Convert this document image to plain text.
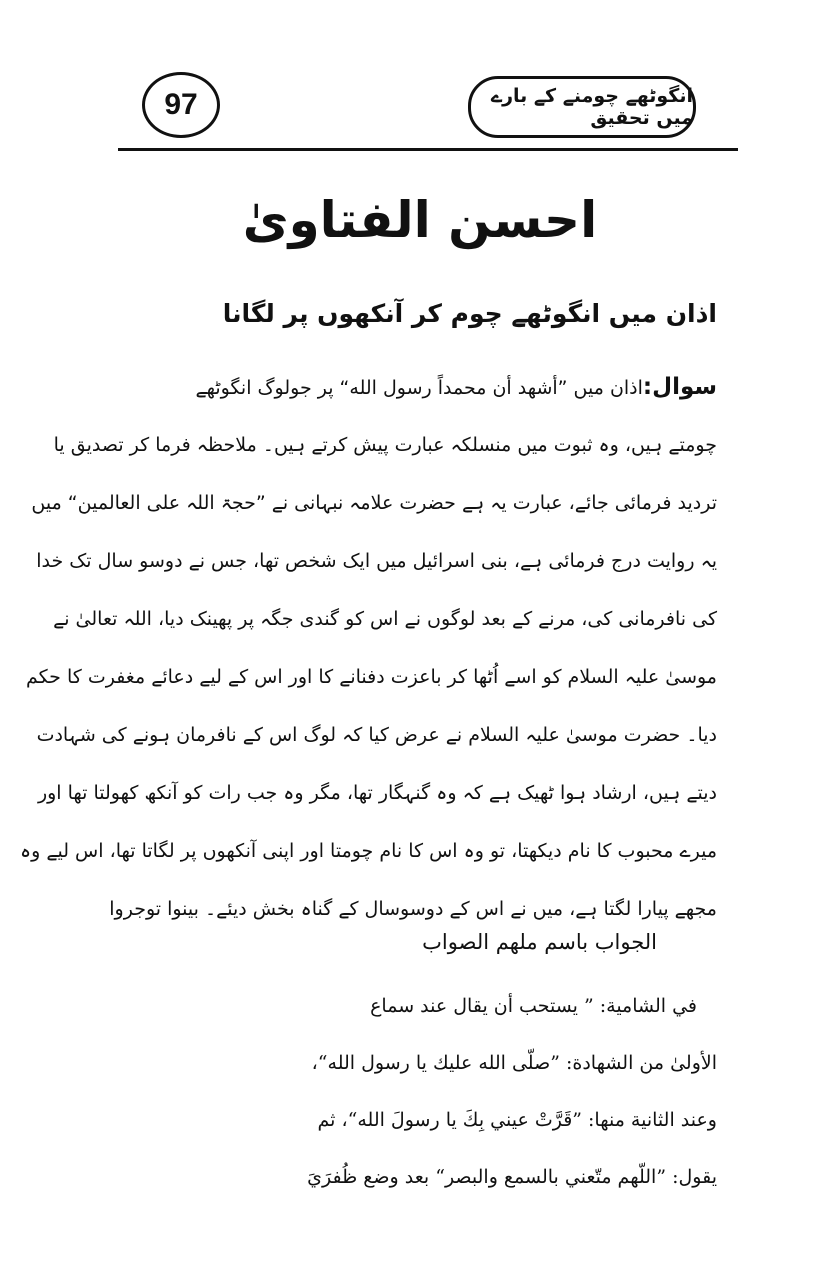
97	انگوٹھے چومنے کے بارے میں تحقیق
احسن الفتاویٰ
اذان میں انگوٹھے چوم کر آنکھوں پر لگانا
سوال:اذان میں ”أشهد أن محمداً رسول الله“ پر جولوگ انگوٹھے
چومتے ہیں، وہ ثبوت میں منسلکہ عبارت پیش کرتے ہیں۔ ملاحظہ فرما کر تصدیق یا
تردید فرمائی جائے، عبارت یہ ہے حضرت علامہ نبہانی نے ”حجۃ اللہ علی العالمین“ میں
یہ روایت درج فرمائی ہے، بنی اسرائیل میں ایک شخص تھا، جس نے دوسو سال تک خدا
کی نافرمانی کی، مرنے کے بعد لوگوں نے اس کو گندی جگہ پر پھینک دیا، اللہ تعالیٰ نے
موسیٰ علیہ السلام کو اسے اُٹھا کر باعزت دفنانے کا اور اس کے لیے دعائے مغفرت کا حکم
دیا۔ حضرت موسیٰ علیہ السلام نے عرض کیا کہ لوگ اس کے نافرمان ہونے کی شہادت
دیتے ہیں، ارشاد ہوا ٹھیک ہے کہ وہ گنہگار تھا، مگر وہ جب رات کو آنکھ کھولتا تھا اور
میرے محبوب کا نام دیکھتا، تو وہ اس کا نام چومتا اور اپنی آنکھوں پر لگاتا تھا، اس لیے وہ
مجھے پیارا لگتا ہے، میں نے اس کے دوسوسال کے گناہ بخش دیئے۔ بینوا توجروا
الجواب باسم ملهم الصواب
في الشامية: ” يستحب أن يقال عند سماع
الأولىٰ من الشهادة: ”صلّى الله عليك يا رسول الله“،
وعند الثانية منها: ”قَرَّتْ عيني بِكَ يا رسولَ الله“، ثم
يقول: ”اللّهم متّعني بالسمع والبصر“ بعد وضع ظُفرَيَ
